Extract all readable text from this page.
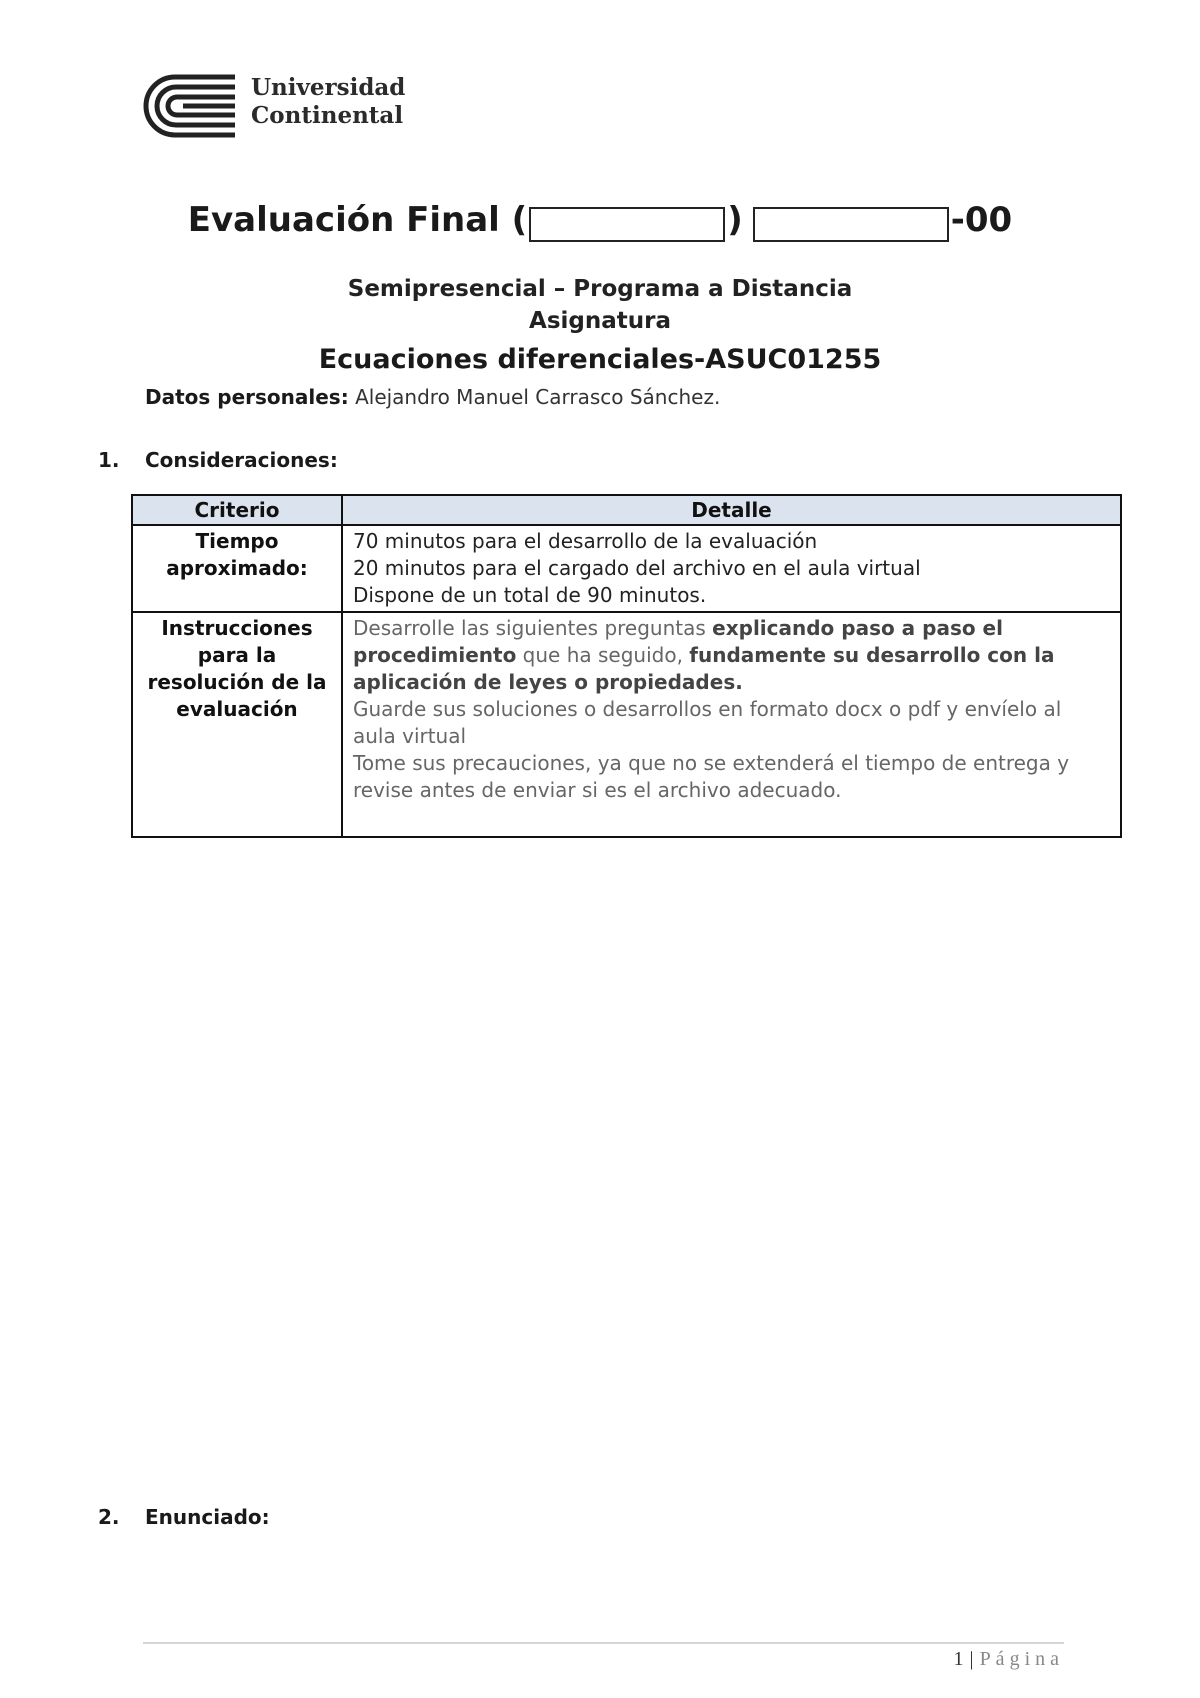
Universidad
Continental
Evaluación Final (	)	-00
Semipresencial – Programa a Distancia
Asignatura
Ecuaciones diferenciales-ASUC01255
Datos personales: Alejandro Manuel Carrasco Sánchez.
1. Consideraciones:
Criterio	Detalle
Tiempo aproximado:	70 minutos para el desarrollo de la evaluación
20 minutos para el cargado del archivo en el aula virtual
Dispone de un total de 90 minutos.

Instrucciones para la resolución de la evaluación	Desarrolle las siguientes preguntas explicando paso a paso el procedimiento que ha seguido, fundamente su desarrollo con la aplicación de leyes o propiedades.
Guarde sus soluciones o desarrollos en formato docx o pdf y envíelo al aula virtual
Tome sus precauciones, ya que no se extenderá el tiempo de entrega y revise antes de enviar si es el archivo adecuado.
2. Enunciado:
1 | Página
